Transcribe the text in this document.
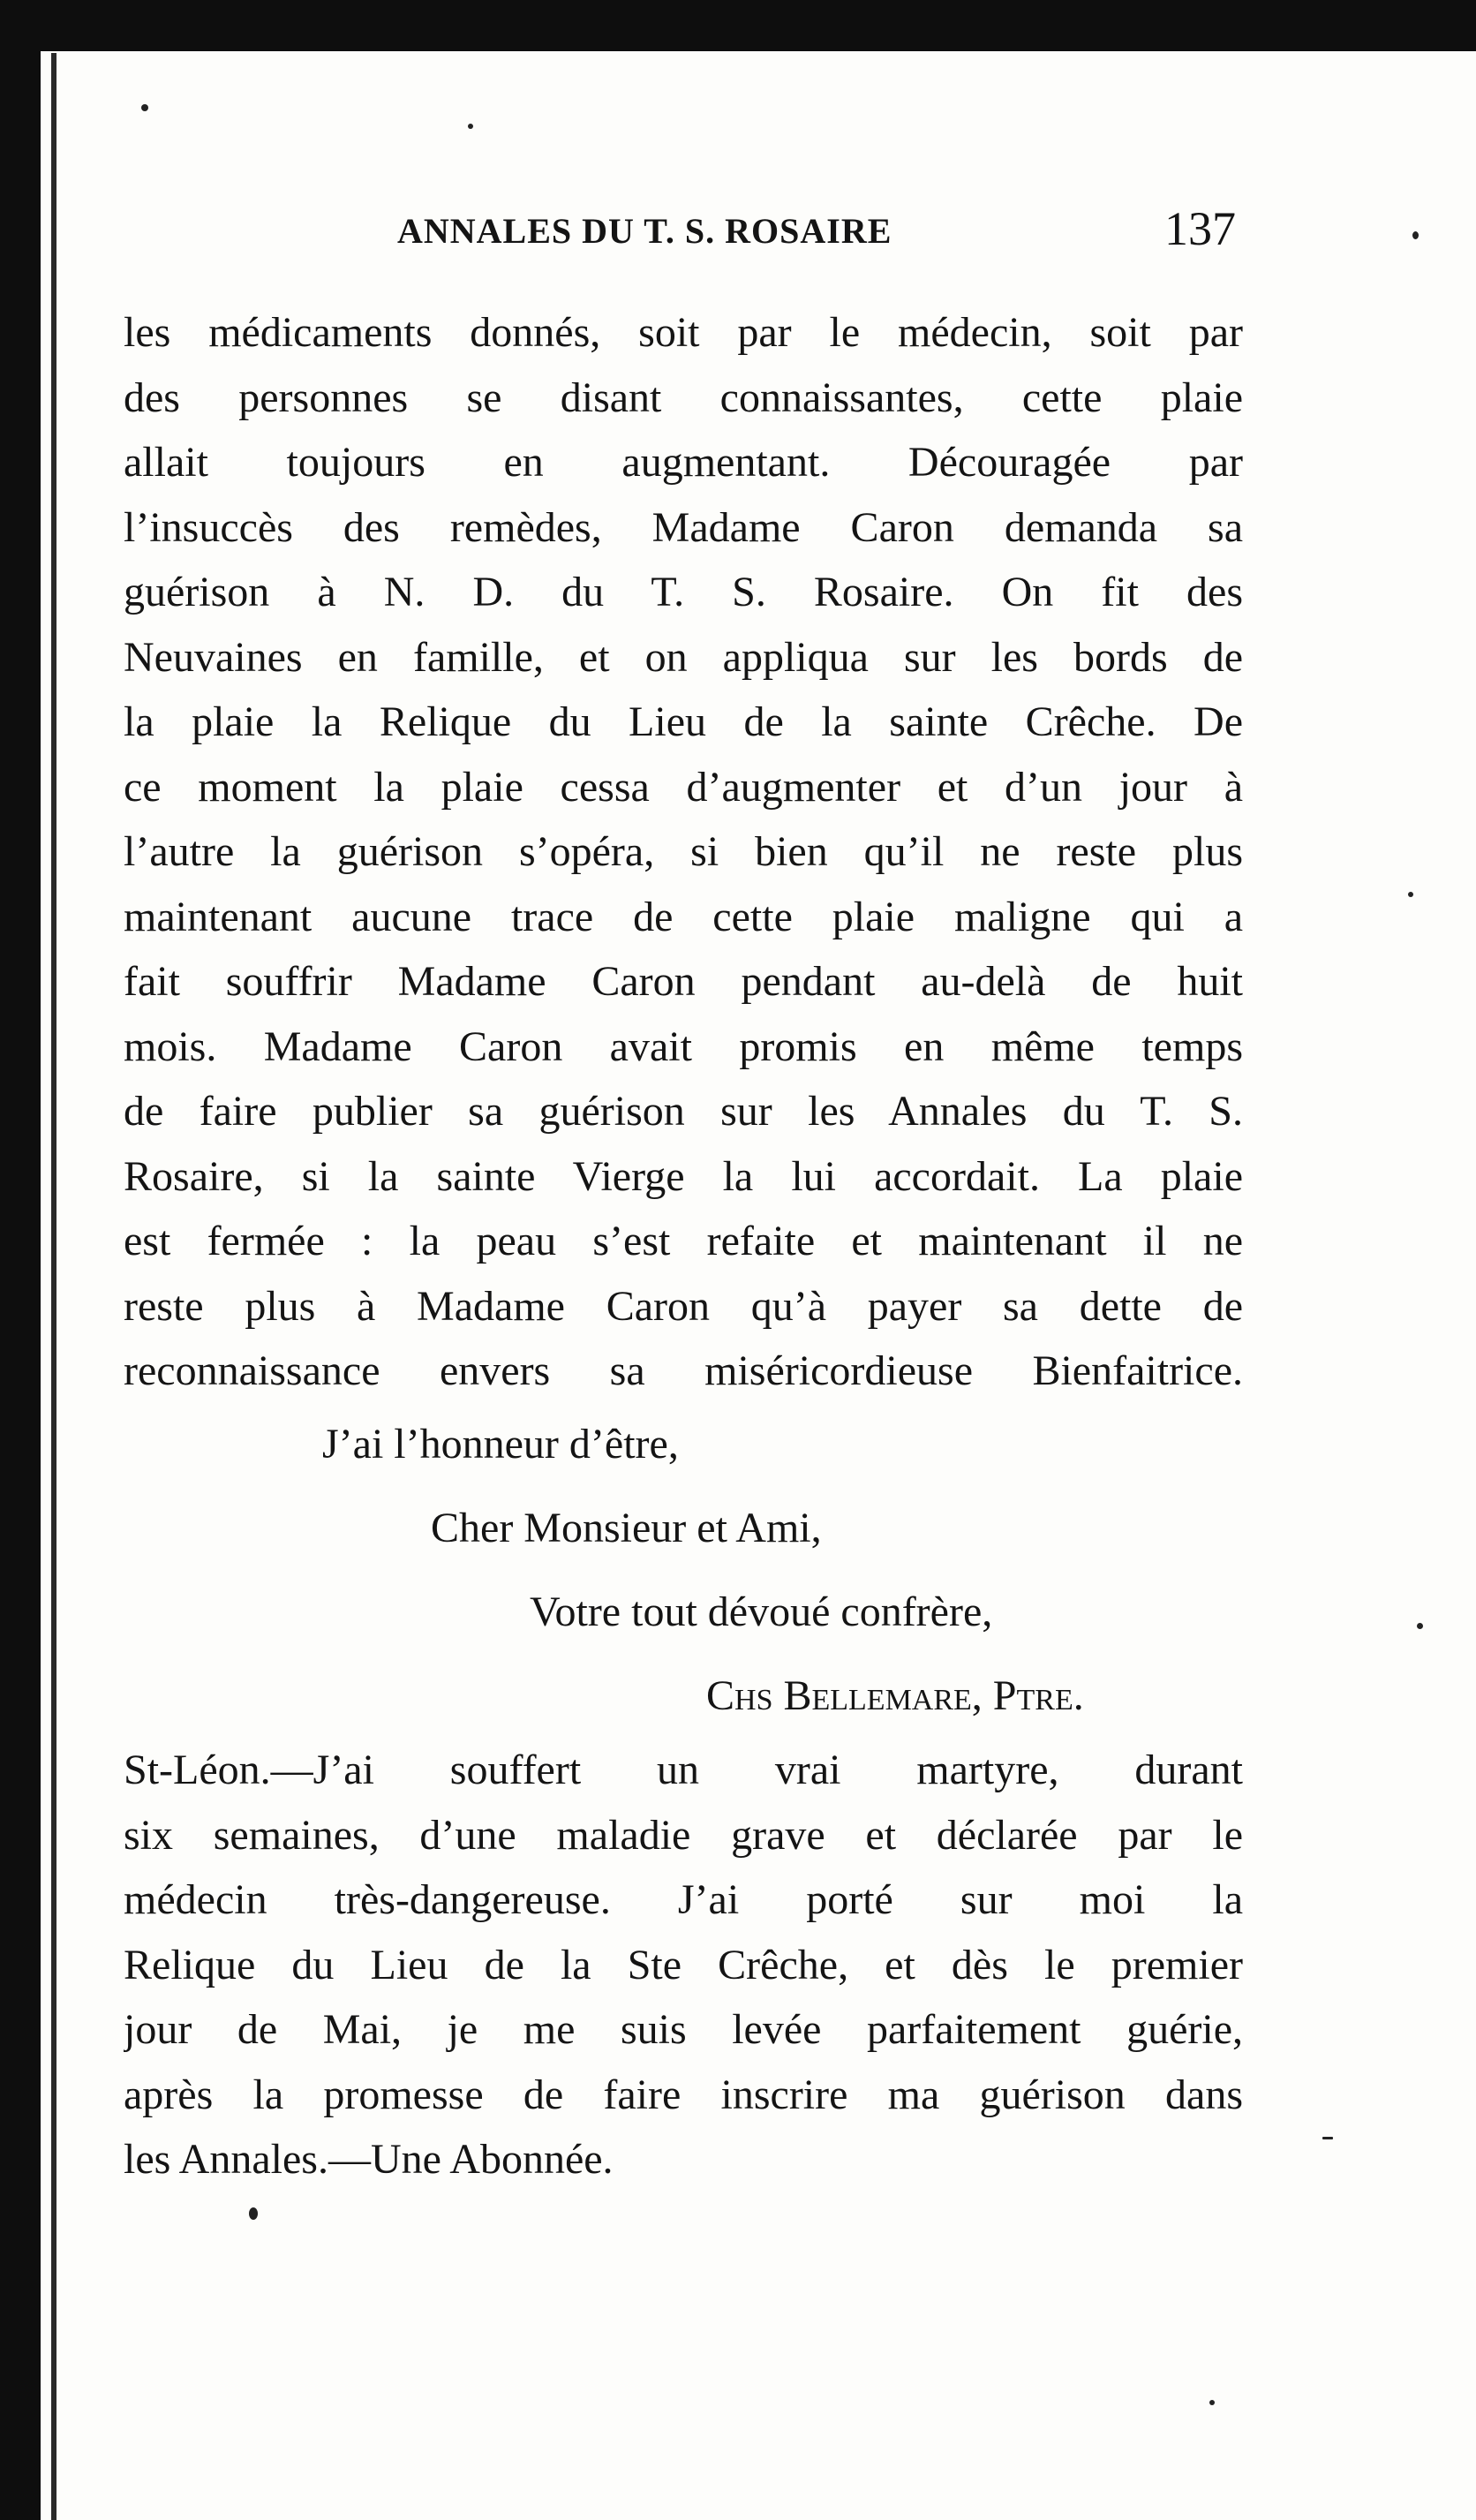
ANNALES DU T. S. ROSAIRE	137
les médicaments donnés, soit par le médecin, soit par
des personnes se disant connaissantes, cette plaie
allait toujours en augmentant. Découragée par
l’insuccès des remèdes, Madame Caron demanda sa
guérison à N. D. du T. S. Rosaire. On fit des
Neuvaines en famille, et on appliqua sur les bords de
la plaie la Relique du Lieu de la sainte Crêche. De
ce moment la plaie cessa d’augmenter et d’un jour à
l’autre la guérison s’opéra, si bien qu’il ne reste plus
maintenant aucune trace de cette plaie maligne qui a
fait souffrir Madame Caron pendant au-delà de huit
mois. Madame Caron avait promis en même temps
de faire publier sa guérison sur les Annales du T. S.
Rosaire, si la sainte Vierge la lui accordait. La plaie
est fermée : la peau s’est refaite et maintenant il ne
reste plus à Madame Caron qu’à payer sa dette de
reconnaissance envers sa miséricordieuse Bienfaitrice.
J’ai l’honneur d’être,
Cher Monsieur et Ami,
Votre tout dévoué confrère,
Chs Bellemare, Ptre.
St-Léon.—J’ai souffert un vrai martyre, durant
six semaines, d’une maladie grave et déclarée par le
médecin très-dangereuse. J’ai porté sur moi la
Relique du Lieu de la Ste Crêche, et dès le premier
jour de Mai, je me suis levée parfaitement guérie,
après la promesse de faire inscrire ma guérison dans
les Annales.—Une Abonnée.
